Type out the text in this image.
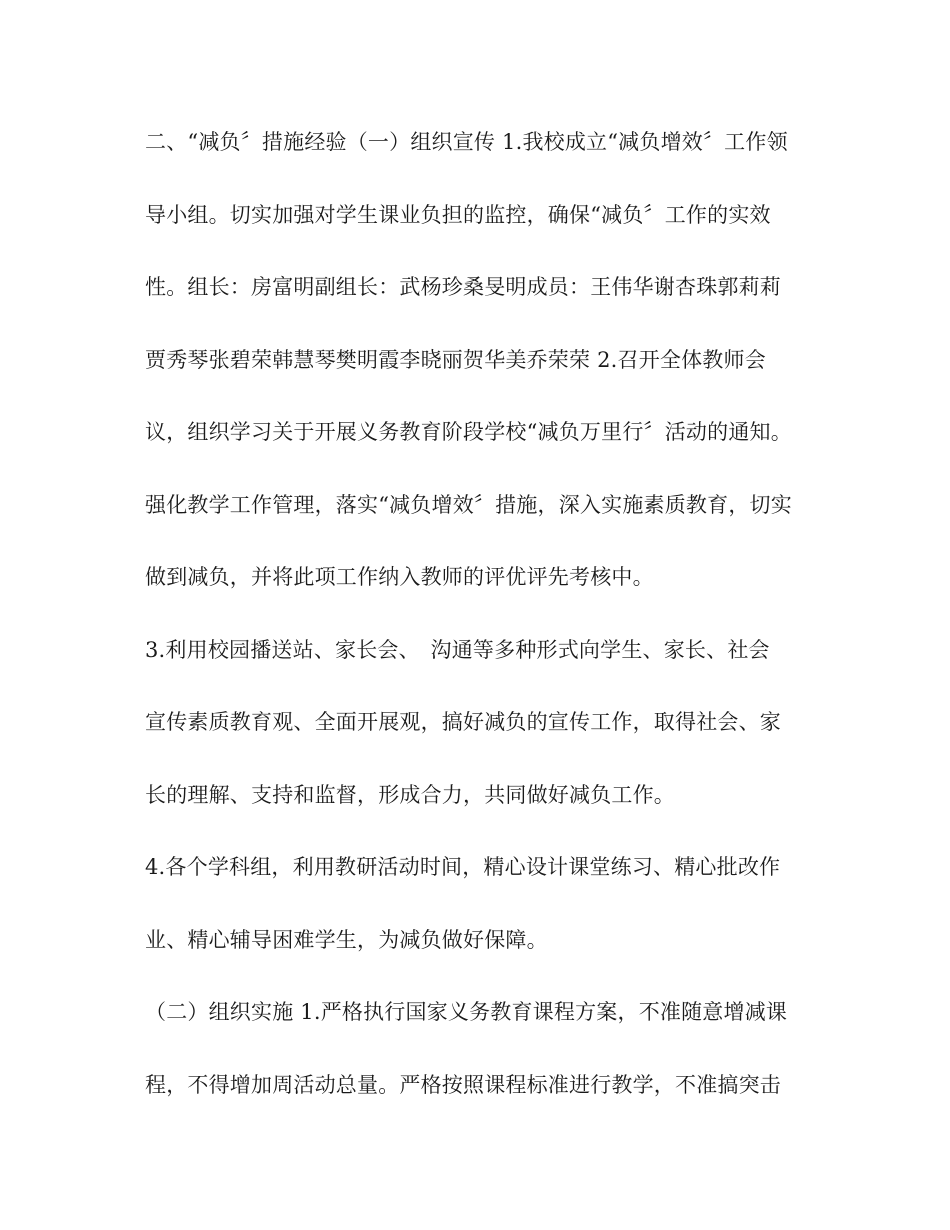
二、“减负〞措施经验（一）组织宣传 1.我校成立“减负增效〞工作领
导小组。切实加强对学生课业负担的监控，确保“减负〞工作的实效
性。组长：房富明副组长：武杨珍桑旻明成员：王伟华谢杏珠郭莉莉
贾秀琴张碧荣韩慧琴樊明霞李晓丽贺华美乔荣荣 2.召开全体教师会
议，组织学习关于开展义务教育阶段学校“减负万里行〞活动的通知。
强化教学工作管理，落实“减负增效〞措施，深入实施素质教育，切实
做到减负，并将此项工作纳入教师的评优评先考核中。
3.利用校园播送站、家长会、　沟通等多种形式向学生、家长、社会
宣传素质教育观、全面开展观，搞好减负的宣传工作，取得社会、家
长的理解、支持和监督，形成合力，共同做好减负工作。
4.各个学科组，利用教研活动时间，精心设计课堂练习、精心批改作
业、精心辅导困难学生，为减负做好保障。
（二）组织实施 1.严格执行国家义务教育课程方案，不准随意增减课
程，不得增加周活动总量。严格按照课程标准进行教学，不准搞突击
